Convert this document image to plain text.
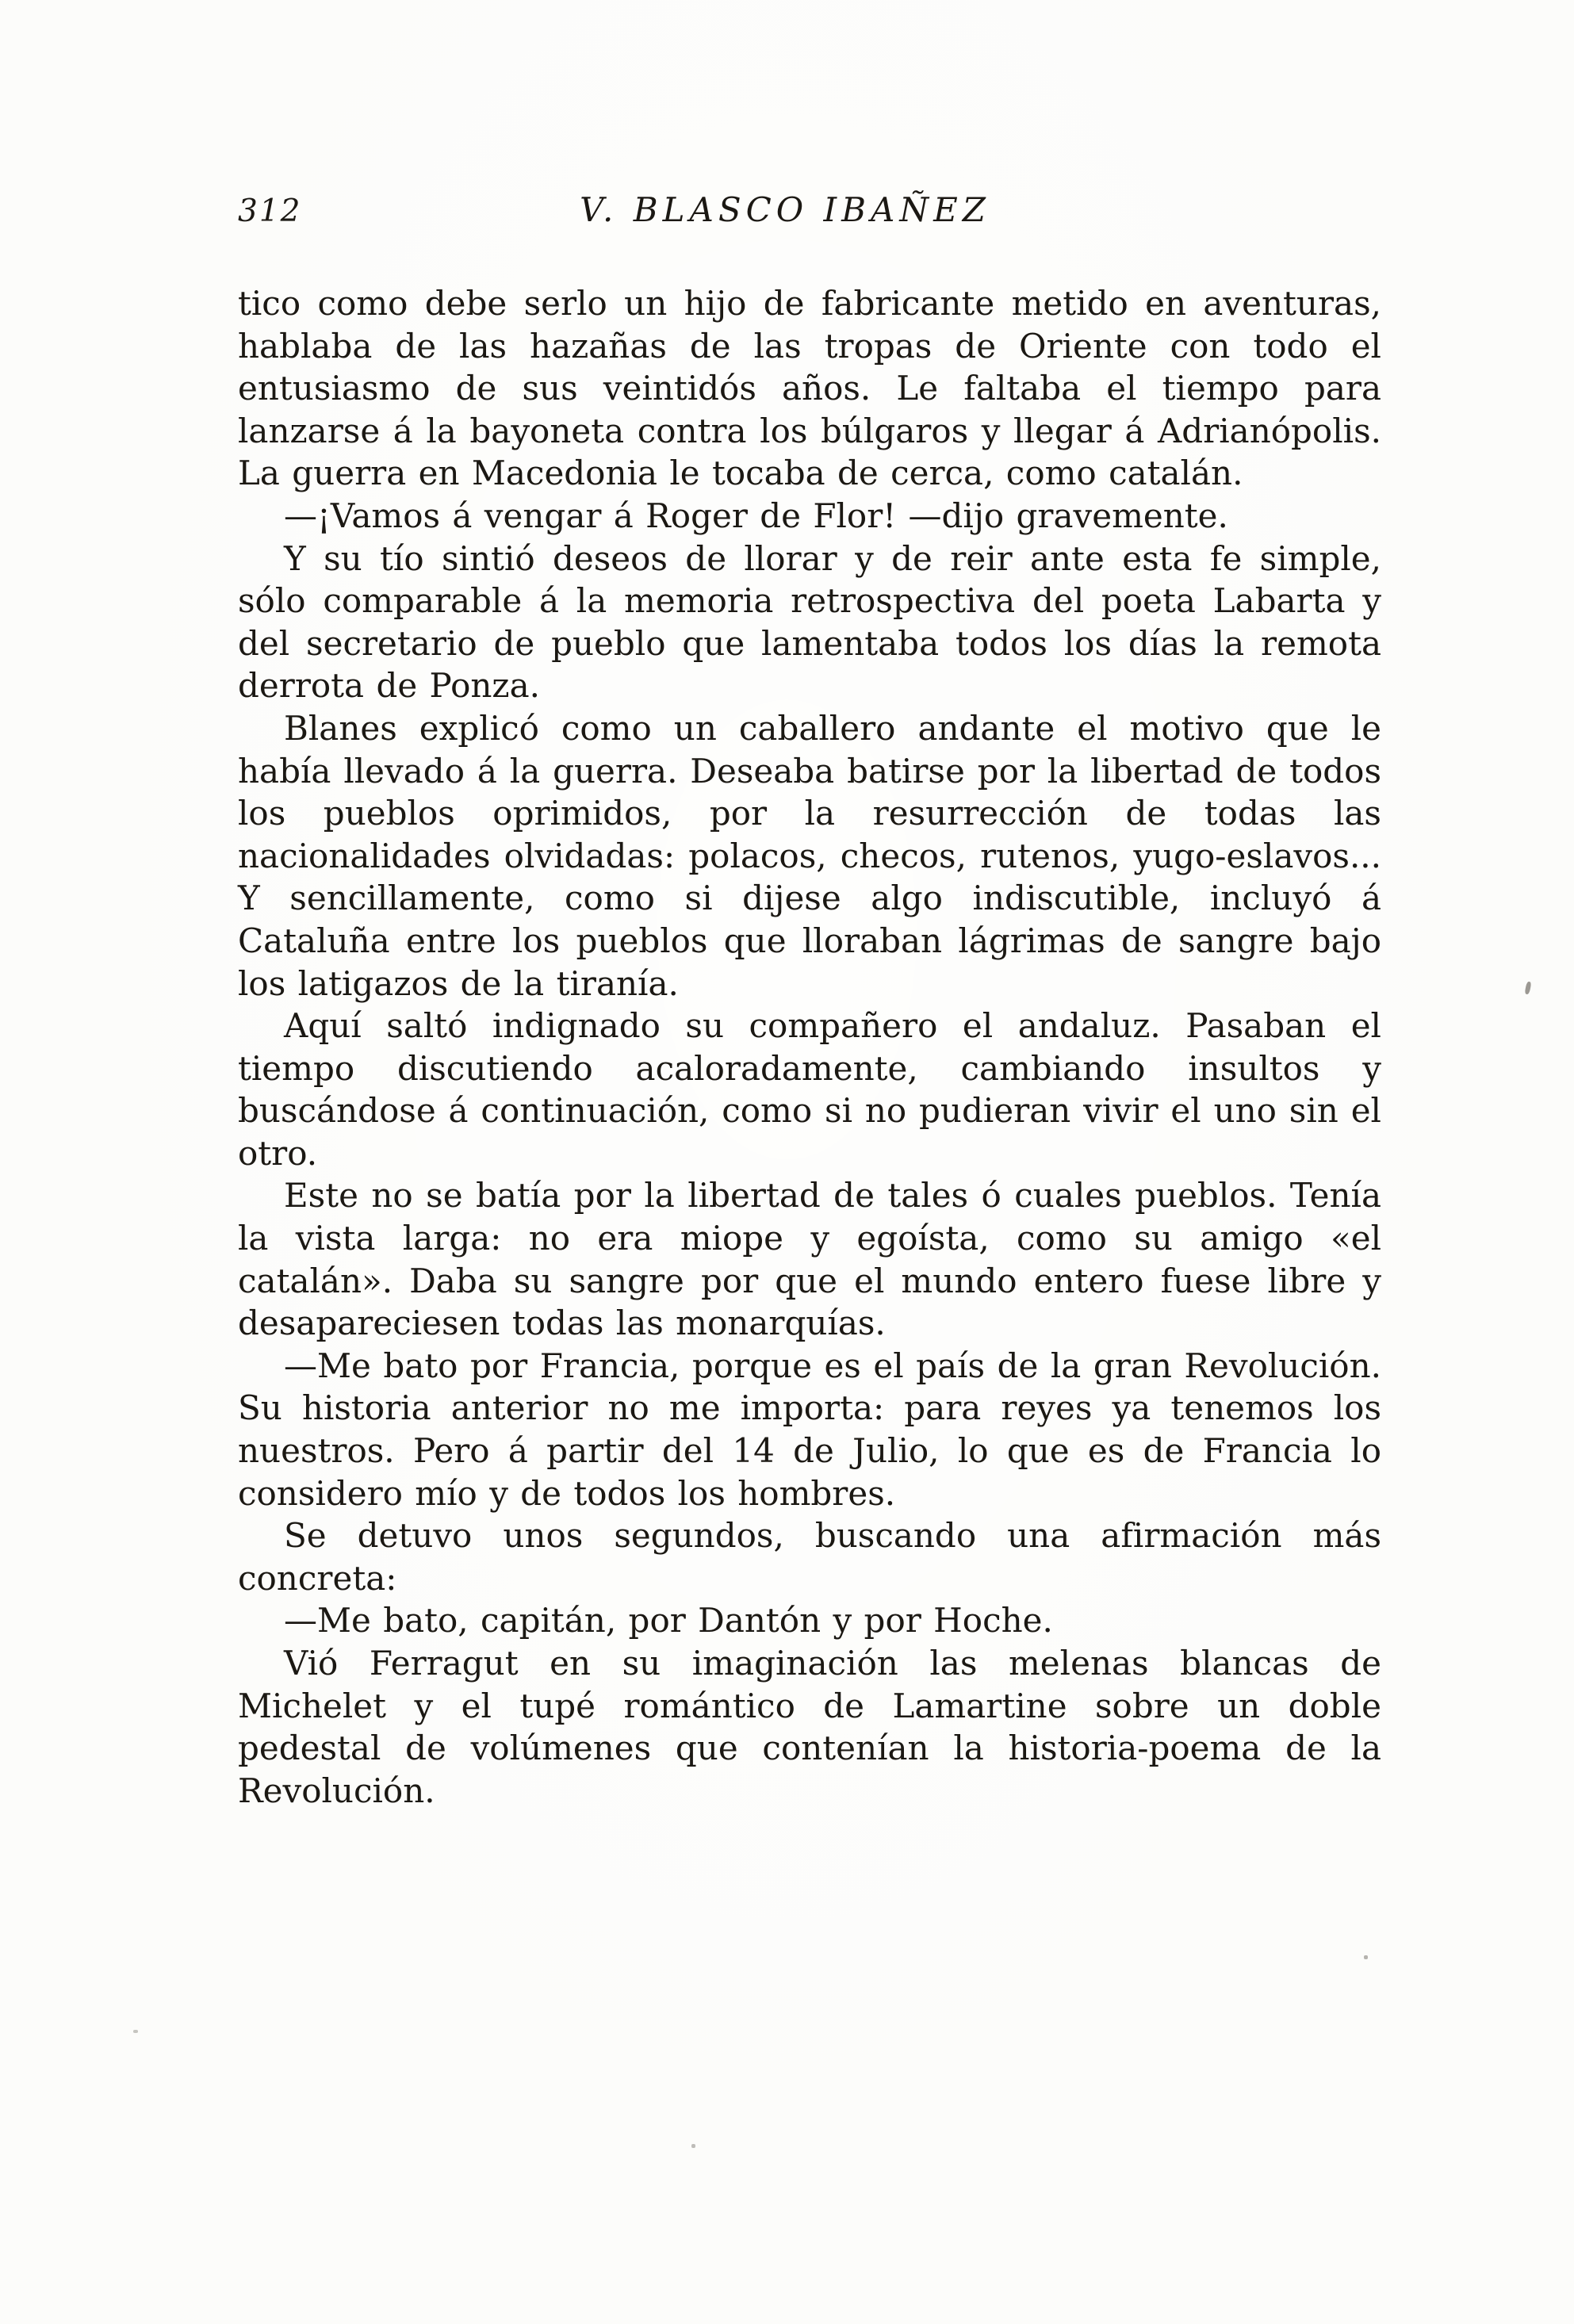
312	V. BLASCO IBAÑEZ

tico como debe serlo un hijo de fabricante metido en aventuras, hablaba de las hazañas de las tropas de Oriente con todo el entusiasmo de sus veintidós años. Le faltaba el tiempo para lanzarse á la bayoneta contra los búlgaros y llegar á Adrianópolis. La guerra en Macedonia le tocaba de cerca, como catalán.

—¡Vamos á vengar á Roger de Flor! —dijo gravemente.

Y su tío sintió deseos de llorar y de reir ante esta fe simple, sólo comparable á la memoria retrospectiva del poeta Labarta y del secretario de pueblo que lamentaba todos los días la remota derrota de Ponza.

Blanes explicó como un caballero andante el motivo que le había llevado á la guerra. Deseaba batirse por la libertad de todos los pueblos oprimidos, por la resurrección de todas las nacionalidades olvidadas: polacos, checos, rutenos, yugo-eslavos... Y sencillamente, como si dijese algo indiscutible, incluyó á Cataluña entre los pueblos que lloraban lágrimas de sangre bajo los latigazos de la tiranía.

Aquí saltó indignado su compañero el andaluz. Pasaban el tiempo discutiendo acaloradamente, cambiando insultos y buscándose á continuación, como si no pudieran vivir el uno sin el otro.

Este no se batía por la libertad de tales ó cuales pueblos. Tenía la vista larga: no era miope y egoísta, como su amigo «el catalán». Daba su sangre por que el mundo entero fuese libre y desapareciesen todas las monarquías.

—Me bato por Francia, porque es el país de la gran Revolución. Su historia anterior no me importa: para reyes ya tenemos los nuestros. Pero á partir del 14 de Julio, lo que es de Francia lo considero mío y de todos los hombres.

Se detuvo unos segundos, buscando una afirmación más concreta:

—Me bato, capitán, por Dantón y por Hoche.

Vió Ferragut en su imaginación las melenas blancas de Michelet y el tupé romántico de Lamartine sobre un doble pedestal de volúmenes que contenían la historia-poema de la Revolución.
